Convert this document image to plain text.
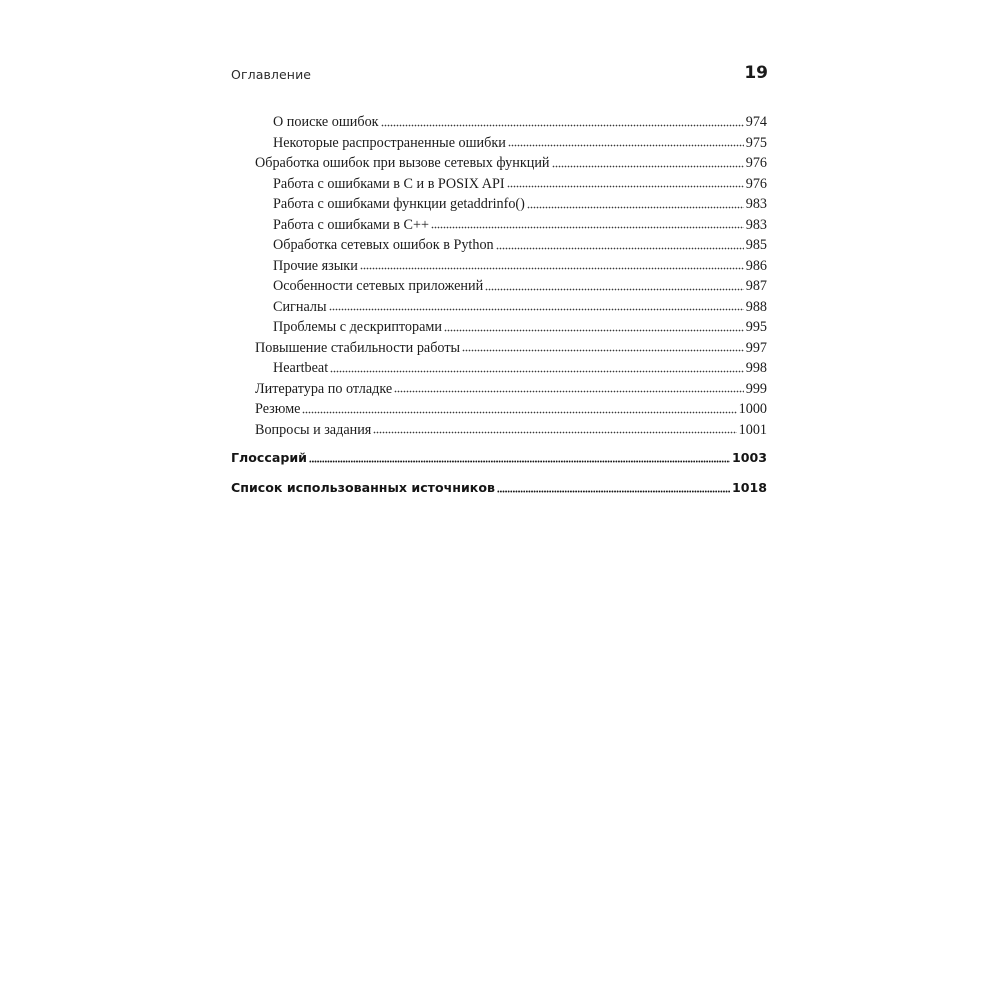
Оглавление	19
О поиске ошибок	974
Некоторые распространенные ошибки	975
Обработка ошибок при вызове сетевых функций	976
Работа с ошибками в C и в POSIX API	976
Работа с ошибками функции getaddrinfo()	983
Работа с ошибками в C++	983
Обработка сетевых ошибок в Python	985
Прочие языки	986
Особенности сетевых приложений	987
Сигналы	988
Проблемы с дескрипторами	995
Повышение стабильности работы	997
Heartbeat	998
Литература по отладке	999
Резюме	1000
Вопросы и задания	1001
Глоссарий	1003
Список использованных источников	1018
